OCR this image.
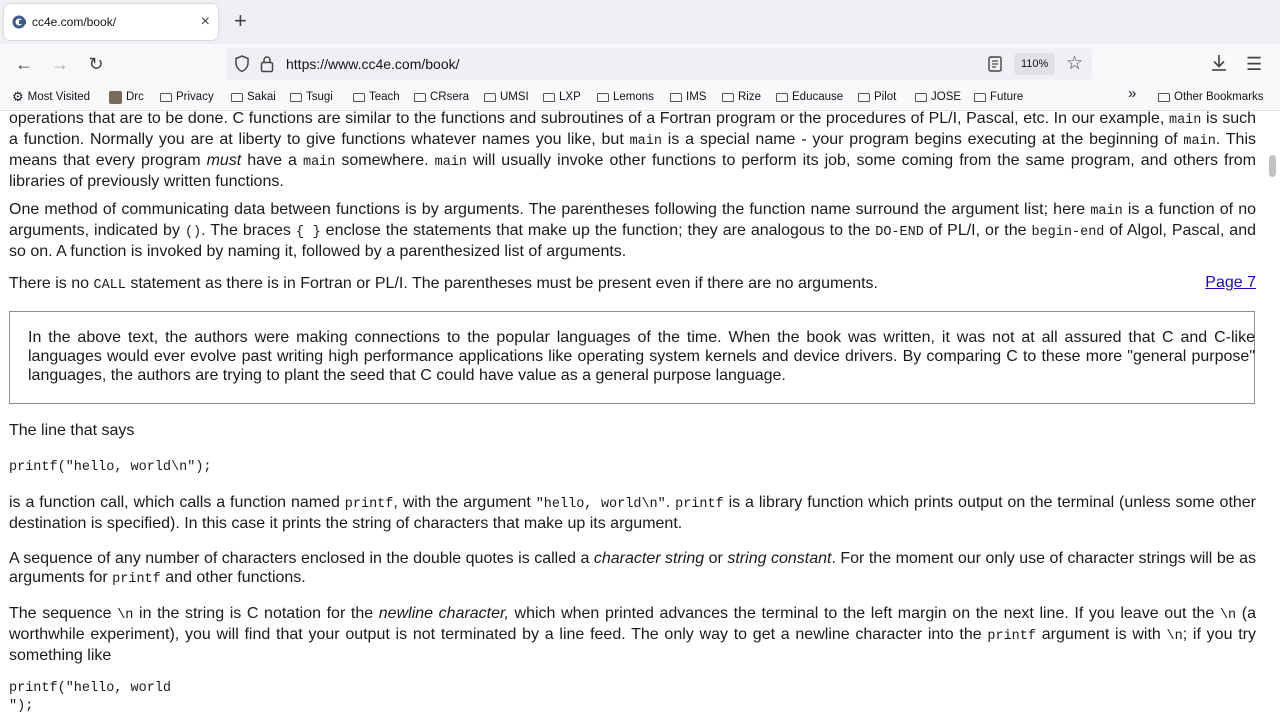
cc4e.com/book/	× +
← → ↻	https://www.cc4e.com/book/	110% ☆	☰
⚙ Most Visited	Drc	Privacy	Sakai	Tsugi	Teach	CRsera	UMSI	LXP	Lemons	IMS	Rize	Educause	Pilot	JOSE	Future	»	Other Bookmarks

operations that are to be done. C functions are similar to the functions and subroutines of a Fortran program or the procedures of PL/I, Pascal, etc. In our example, main is such a function. Normally you are at liberty to give functions whatever names you like, but main is a special name - your program begins executing at the beginning of main. This means that every program must have a main somewhere. main will usually invoke other functions to perform its job, some coming from the same program, and others from libraries of previously written functions.

One method of communicating data between functions is by arguments. The parentheses following the function name surround the argument list; here main is a function of no arguments, indicated by (). The braces { } enclose the statements that make up the function; they are analogous to the DO-END of PL/I, or the begin-end of Algol, Pascal, and so on. A function is invoked by naming it, followed by a parenthesized list of arguments.

There is no CALL statement as there is in Fortran or PL/I. The parentheses must be present even if there are no arguments.	Page 7
In the above text, the authors were making connections to the popular languages of the time. When the book was written, it was not at all assured that C and C-like languages would ever evolve past writing high performance applications like operating system kernels and device drivers. By comparing C to these more "general purpose" languages, the authors are trying to plant the seed that C could have value as a general purpose language.

The line that says

printf("hello, world\n");

is a function call, which calls a function named printf, with the argument "hello, world\n". printf is a library function which prints output on the terminal (unless some other destination is specified). In this case it prints the string of characters that make up its argument.

A sequence of any number of characters enclosed in the double quotes is called a character string or string constant. For the moment our only use of character strings will be as arguments for printf and other functions.

The sequence \n in the string is C notation for the newline character, which when printed advances the terminal to the left margin on the next line. If you leave out the \n (a worthwhile experiment), you will find that your output is not terminated by a line feed. The only way to get a newline character into the printf argument is with \n; if you try something like

printf("hello, world
");
